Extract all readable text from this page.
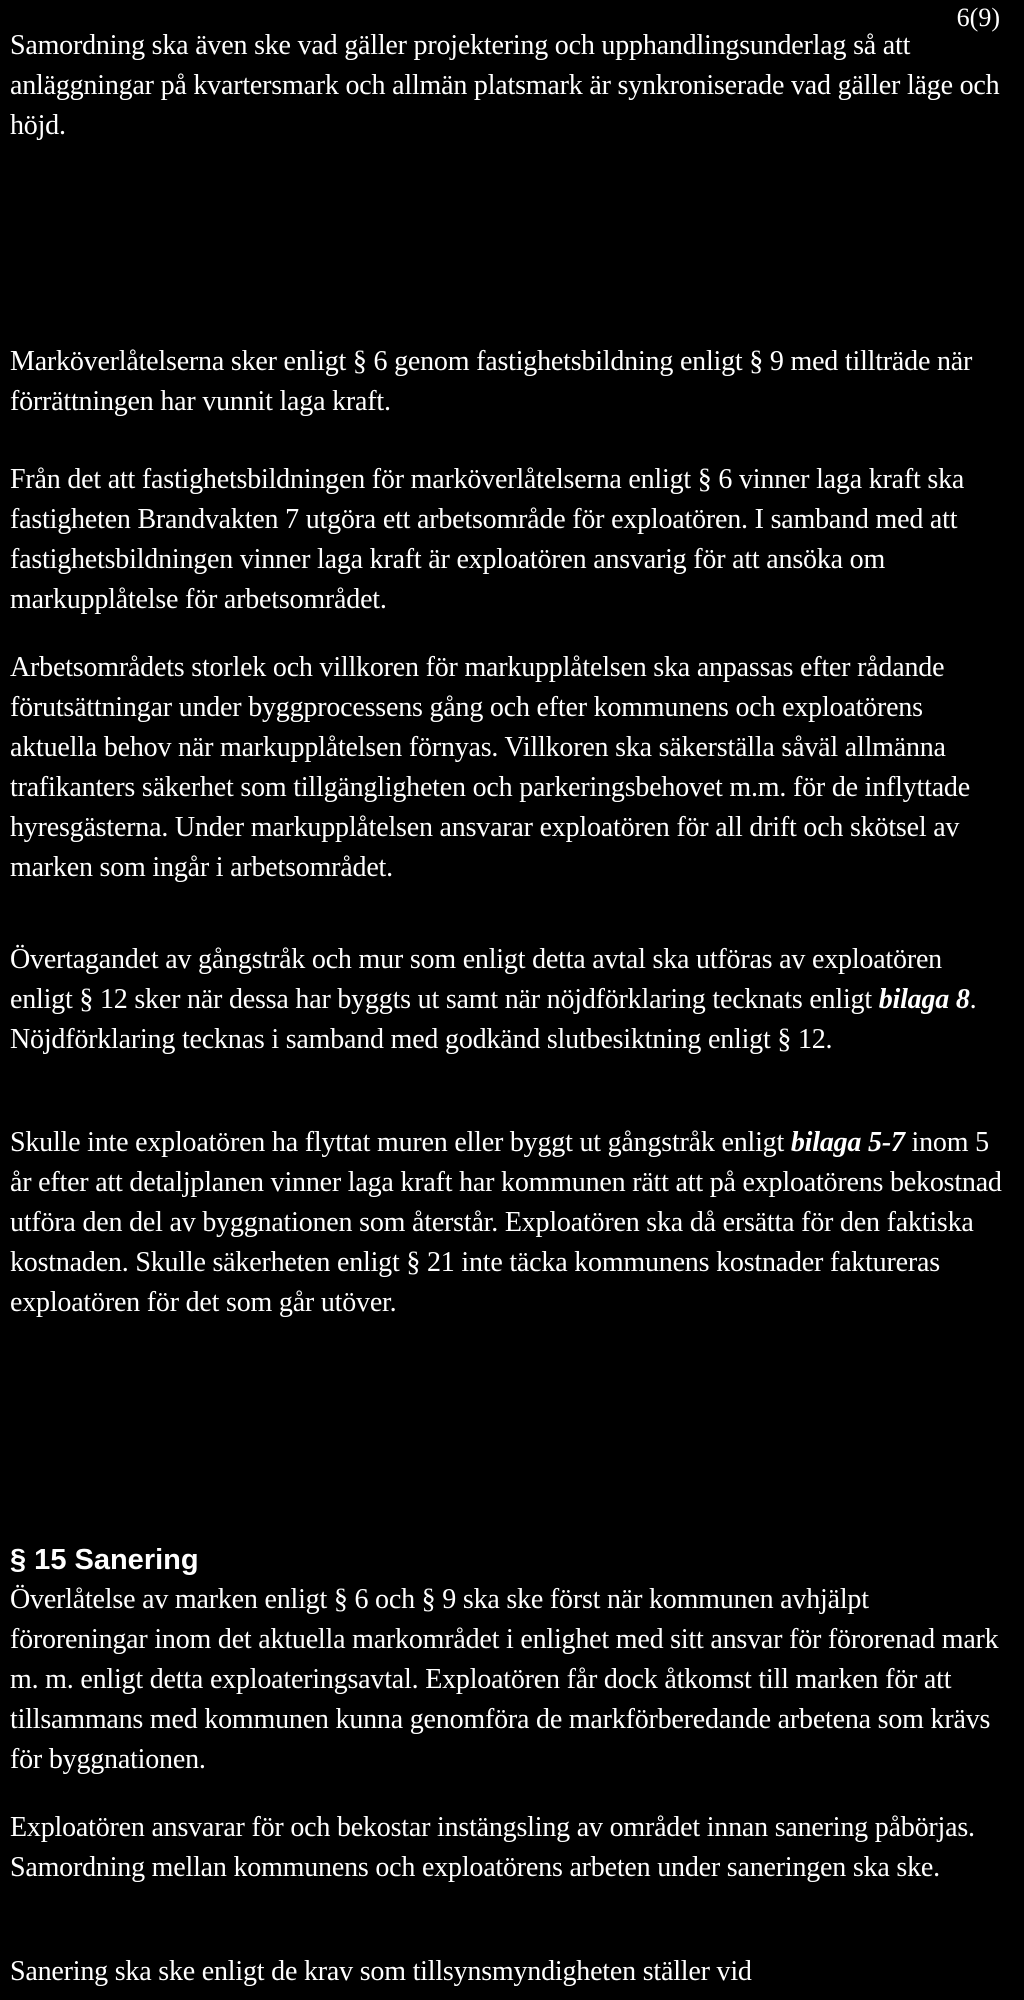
6(9)

Samordning ska även ske vad gäller projektering och upphandlingsunderlag så att anläggningar på kvartersmark och allmän platsmark är synkroniserade vad gäller läge och höjd.

Marköverlåtelserna sker enligt § 6 genom fastighetsbildning enligt § 9 med tillträde när förrättningen har vunnit laga kraft.

Från det att fastighetsbildningen för marköverlåtelserna enligt § 6 vinner laga kraft ska fastigheten Brandvakten 7 utgöra ett arbetsområde för exploatören. I samband med att fastighetsbildningen vinner laga kraft är exploatören ansvarig för att ansöka om markupplåtelse för arbetsområdet.

Arbetsområdets storlek och villkoren för markupplåtelsen ska anpassas efter rådande förutsättningar under byggprocessens gång och efter kommunens och exploatörens aktuella behov när markupplåtelsen förnyas. Villkoren ska säkerställa såväl allmänna trafikanters säkerhet som tillgängligheten och parkeringsbehovet m.m. för de inflyttade hyresgästerna. Under markupplåtelsen ansvarar exploatören för all drift och skötsel av marken som ingår i arbetsområdet.

Övertagandet av gångstråk och mur som enligt detta avtal ska utföras av exploatören enligt § 12 sker när dessa har byggts ut samt när nöjdförklaring tecknats enligt bilaga 8. Nöjdförklaring tecknas i samband med godkänd slutbesiktning enligt § 12.

Skulle inte exploatören ha flyttat muren eller byggt ut gångstråk enligt bilaga 5-7 inom 5 år efter att detaljplanen vinner laga kraft har kommunen rätt att på exploatörens bekostnad utföra den del av byggnationen som återstår. Exploatören ska då ersätta för den faktiska kostnaden. Skulle säkerheten enligt § 21 inte täcka kommunens kostnader faktureras exploatören för det som går utöver.

§ 15 Sanering

Överlåtelse av marken enligt § 6 och § 9 ska ske först när kommunen avhjälpt föroreningar inom det aktuella markområdet i enlighet med sitt ansvar för förorenad mark m. m. enligt detta exploateringsavtal. Exploatören får dock åtkomst till marken för att tillsammans med kommunen kunna genomföra de markförberedande arbetena som krävs för byggnationen.

Exploatören ansvarar för och bekostar instängsling av området innan sanering påbörjas. Samordning mellan kommunens och exploatörens arbeten under saneringen ska ske.

Sanering ska ske enligt de krav som tillsynsmyndigheten ställer vid
